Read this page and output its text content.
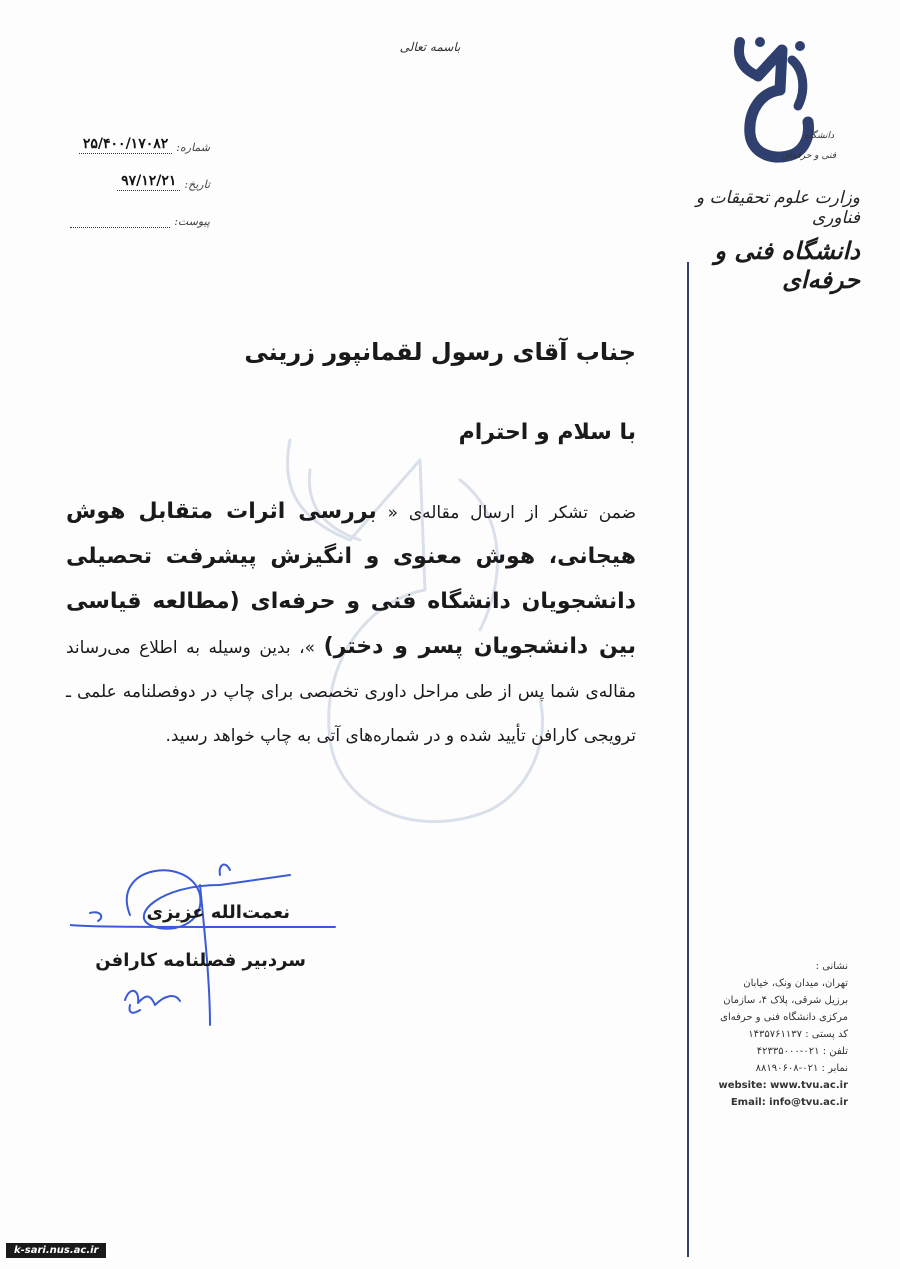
باسمه تعالی
شماره:
۲۵/۴۰۰/۱۷۰۸۲
تاریخ:
۹۷/۱۲/۲۱
پیوست:
دانشگاه
فنی و حرفه‌ای
وزارت علوم تحقیقات و فناوری
دانشگاه فنی و حرفه‌ای
جناب آقای رسول لقمانپور زرینی
با سلام و احترام
ضمن تشکر از ارسال مقاله‌ی « بررسی اثرات متقابل هوش هیجانی، هوش معنوی و انگیزش پیشرفت تحصیلی دانشجویان دانشگاه فنی و حرفه‌ای (مطالعه قیاسی بین دانشجویان پسر و دختر) »، بدین وسیله به اطلاع می‌رساند مقاله‌ی شما پس از طی مراحل داوری تخصصی برای چاپ در دوفصلنامه علمی ـ ترویجی کارافن تأیید شده و در شماره‌های آتی به چاپ خواهد رسید.
نعمت‌الله عزیزی
سردبیر فصلنامه کارافن	نشانی :
تهران، میدان ونک، خیابان
برزیل شرقی، پلاک ۴، سازمان
مرکزی دانشگاه فنی و حرفه‌ای
کد پستی : ۱۴۳۵۷۶۱۱۳۷
تلفن : ۰۲۱-۴۲۳۳۵۰۰۰
نمابر : ۰۲۱-۸۸۱۹۰۶۰۸
website: www.tvu.ac.ir
Email: info@tvu.ac.ir
k-sari.nus.ac.ir
